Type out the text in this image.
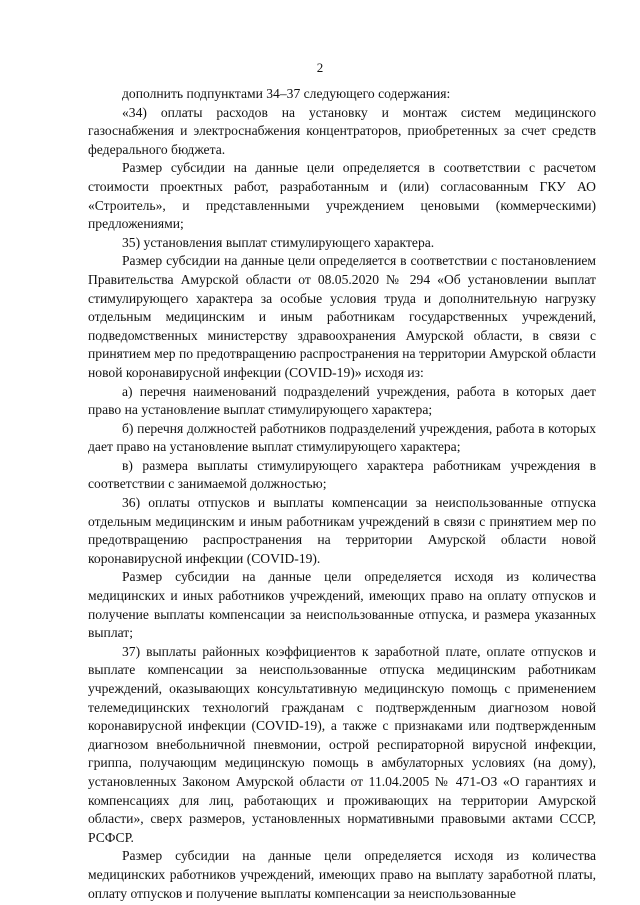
2

дополнить подпунктами 34–37 следующего содержания:

«34) оплаты расходов на установку и монтаж систем медицинского газоснабжения и электроснабжения концентраторов, приобретенных за счет средств федерального бюджета.

Размер субсидии на данные цели определяется в соответствии с расчетом стоимости проектных работ, разработанным и (или) согласованным ГКУ АО «Строитель», и представленными учреждением ценовыми (коммерческими) предложениями;

35) установления выплат стимулирующего характера.

Размер субсидии на данные цели определяется в соответствии с постановлением Правительства Амурской области от 08.05.2020 № 294 «Об установлении выплат стимулирующего характера за особые условия труда и дополнительную нагрузку отдельным медицинским и иным работникам государственных учреждений, подведомственных министерству здравоохранения Амурской области, в связи с принятием мер по предотвращению распространения на территории Амурской области новой коронавирусной инфекции (COVID-19)» исходя из:

а) перечня наименований подразделений учреждения, работа в которых дает право на установление выплат стимулирующего характера;

б) перечня должностей работников подразделений учреждения, работа в которых дает право на установление выплат стимулирующего характера;

в) размера выплаты стимулирующего характера работникам учреждения в соответствии с занимаемой должностью;

36) оплаты отпусков и выплаты компенсации за неиспользованные отпуска отдельным медицинским и иным работникам учреждений в связи с принятием мер по предотвращению распространения на территории Амурской области новой коронавирусной инфекции (COVID-19).

Размер субсидии на данные цели определяется исходя из количества медицинских и иных работников учреждений, имеющих право на оплату отпусков и получение выплаты компенсации за неиспользованные отпуска, и размера указанных выплат;

37) выплаты районных коэффициентов к заработной плате, оплате отпусков и выплате компенсации за неиспользованные отпуска медицинским работникам учреждений, оказывающих консультативную медицинскую помощь с применением телемедицинских технологий гражданам с подтвержденным диагнозом новой коронавирусной инфекции (COVID-19), а также с признаками или подтвержденным диагнозом внебольничной пневмонии, острой респираторной вирусной инфекции, гриппа, получающим медицинскую помощь в амбулаторных условиях (на дому), установленных Законом Амурской области от 11.04.2005 № 471-ОЗ «О гарантиях и компенсациях для лиц, работающих и проживающих на территории Амурской области», сверх размеров, установленных нормативными правовыми актами СССР, РСФСР.

Размер субсидии на данные цели определяется исходя из количества медицинских работников учреждений, имеющих право на выплату заработной платы, оплату отпусков и получение выплаты компенсации за неиспользованные
